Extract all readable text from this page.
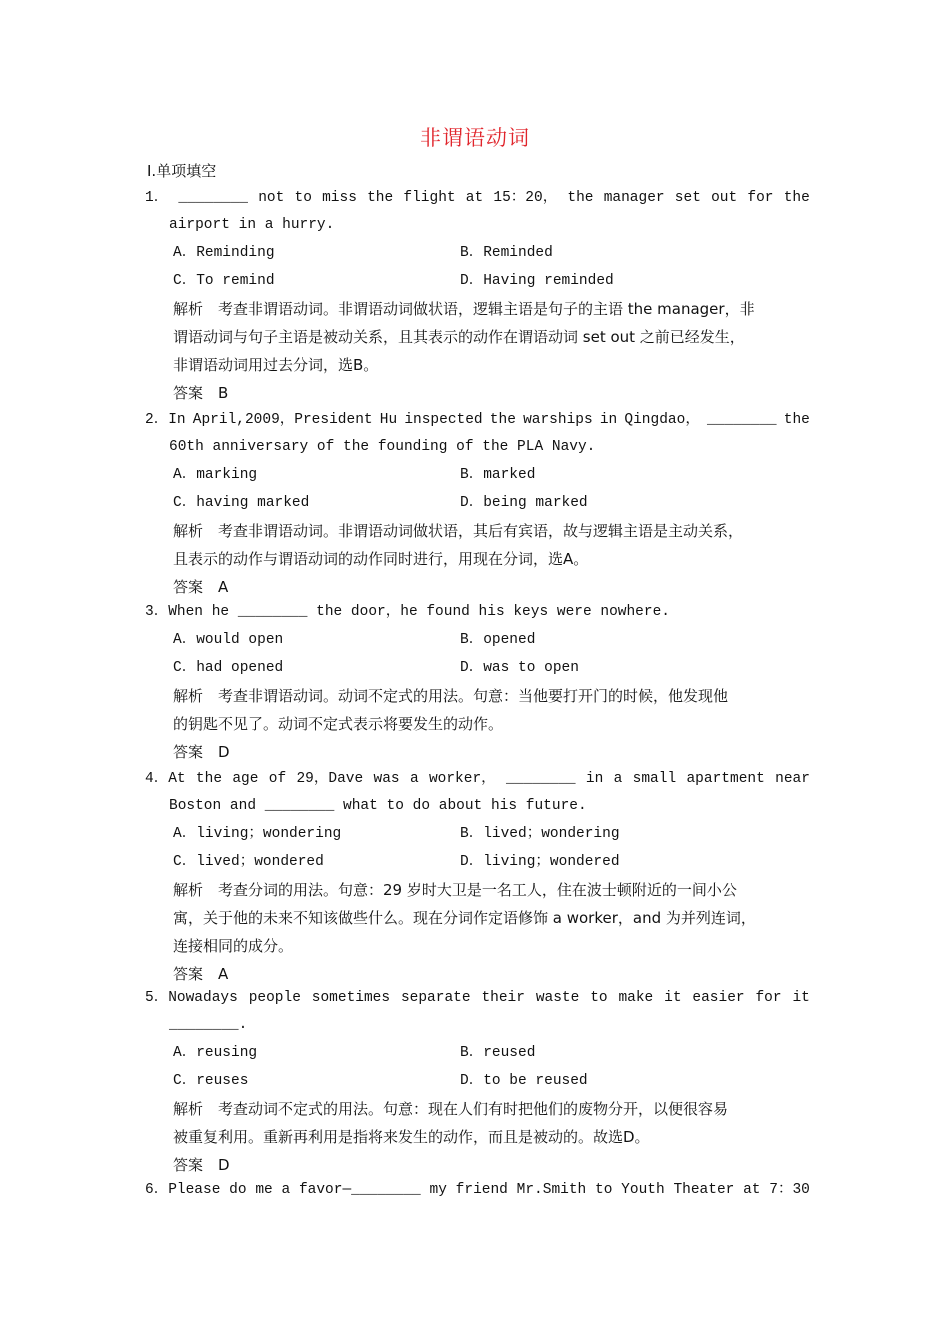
非谓语动词
Ⅰ.单项填空
1． ________ not to miss the flight at 15：20， the manager set out for the
airport in a hurry.
A．Reminding	B．Reminded
C．To remind	D．Having reminded
解析　考查非谓语动词。非谓语动词做状语，逻辑主语是句子的主语 the manager，非
谓语动词与句子主语是被动关系，且其表示的动作在谓语动词 set out 之前已经发生，
非谓语动词用过去分词，选B。
答案　B
2．In April,2009，President Hu inspected the warships in Qingdao， ________ the
60th anniversary of the founding of the PLA Navy.
A．marking	B．marked
C．having marked	D．being marked
解析　考查非谓语动词。非谓语动词做状语，其后有宾语，故与逻辑主语是主动关系，
且表示的动作与谓语动词的动作同时进行，用现在分词，选A。
答案　A
3．When he ________ the door，he found his keys were nowhere.
A．would open	B．opened
C．had opened	D．was to open
解析　考查非谓语动词。动词不定式的用法。句意：当他要打开门的时候，他发现他
的钥匙不见了。动词不定式表示将要发生的动作。
答案　D
4．At the age of 29，Dave was a worker， ________ in a small apartment near
Boston and ________ what to do about his future.
A．living；wondering	B．lived；wondering
C．lived；wondered	D．living；wondered
解析　考查分词的用法。句意：29 岁时大卫是一名工人，住在波士顿附近的一间小公
寓，关于他的未来不知该做些什么。现在分词作定语修饰 a worker，and 为并列连词，
连接相同的成分。
答案　A
5．Nowadays people sometimes separate their waste to make it easier for it
________.
A．reusing	B．reused
C．reuses	D．to be reused
解析　考查动词不定式的用法。句意：现在人们有时把他们的废物分开，以便很容易
被重复利用。重新再利用是指将来发生的动作，而且是被动的。故选D。
答案　D
6．Please do me a favor—________ my friend Mr.Smith to Youth Theater at 7：30
